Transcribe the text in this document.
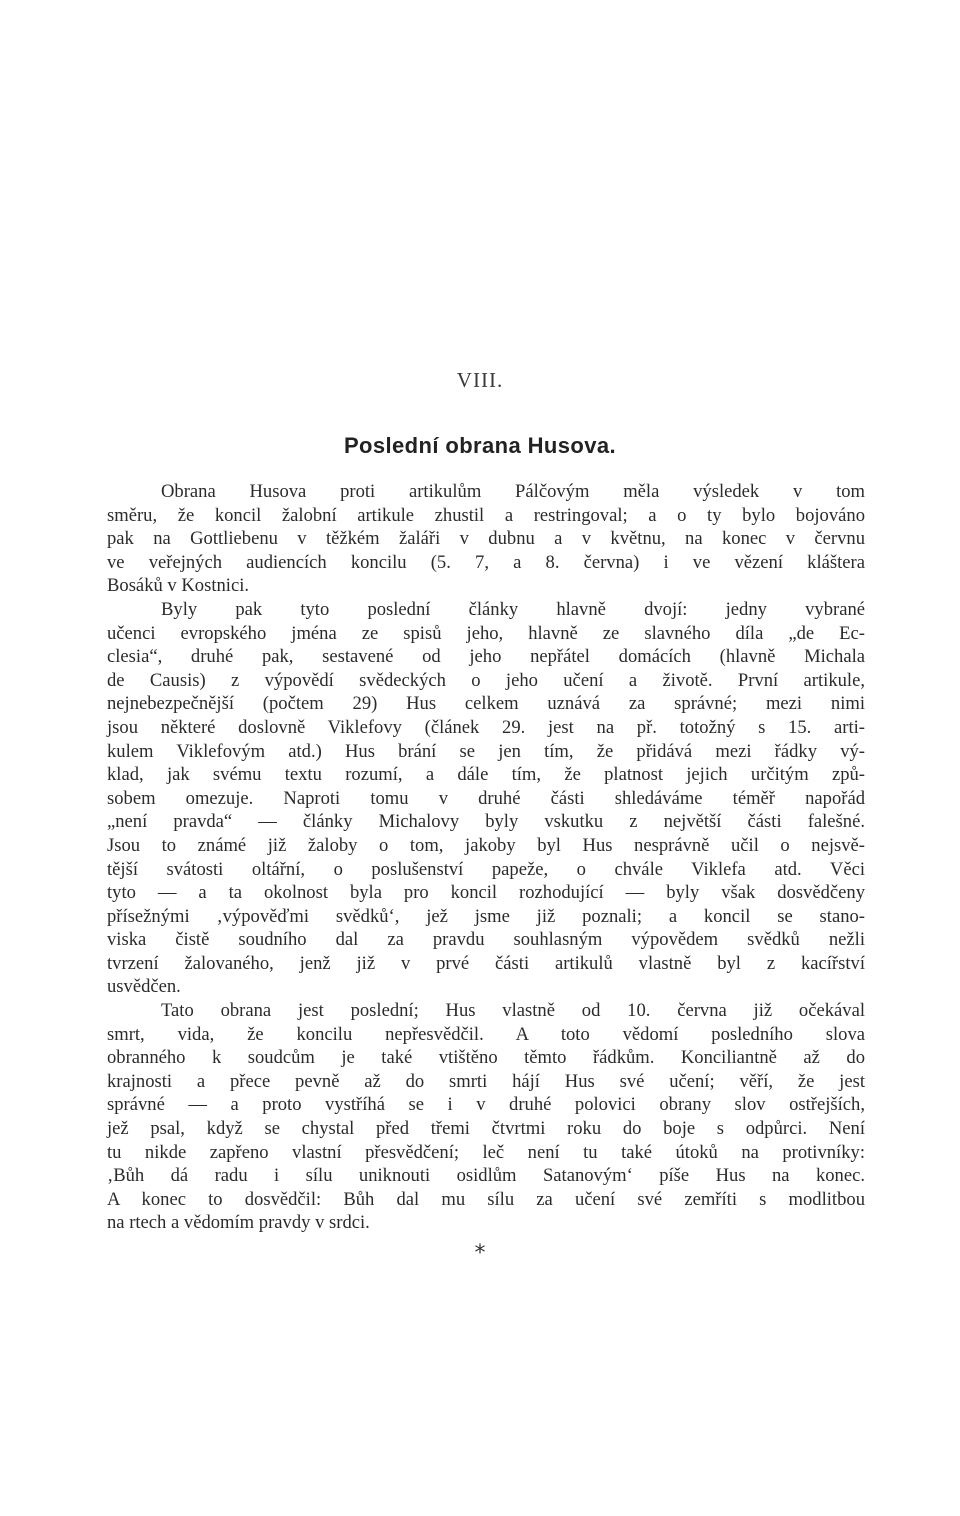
VIII.
Poslední obrana Husova.
Obrana Husova proti artikulům Pálčovým měla výsledek v tom
směru, že koncil žalobní artikule zhustil a restringoval; a o ty bylo bojováno
pak na Gottliebenu v těžkém žaláři v dubnu a v květnu, na konec v červnu
ve veřejných audiencích koncilu (5. 7, a 8. června) i ve vězení kláštera
Bosáků v Kostnici.
Byly pak tyto poslední články hlavně dvojí: jedny vybrané
učenci evropského jména ze spisů jeho, hlavně ze slavného díla „de Ec-
clesia“, druhé pak, sestavené od jeho nepřátel domácích (hlavně Michala
de Causis) z výpovědí svědeckých o jeho učení a životě. První artikule,
nejnebezpečnější (počtem 29) Hus celkem uznává za správné; mezi nimi
jsou některé doslovně Viklefovy (článek 29. jest na př. totožný s 15. arti-
kulem Viklefovým atd.) Hus brání se jen tím, že přidává mezi řádky vý-
klad, jak svému textu rozumí, a dále tím, že platnost jejich určitým způ-
sobem omezuje. Naproti tomu v druhé části shledáváme téměř napořád
„není pravda“ — články Michalovy byly vskutku z největší části falešné.
Jsou to známé již žaloby o tom, jakoby byl Hus nesprávně učil o nejsvě-
tější svátosti oltářní, o poslušenství papeže, o chvále Viklefa atd. Věci
tyto — a ta okolnost byla pro koncil rozhodující — byly však dosvědčeny
přísežnými ‚výpověďmi svědků‘, jež jsme již poznali; a koncil se stano-
viska čistě soudního dal za pravdu souhlasným výpovědem svědků nežli
tvrzení žalovaného, jenž již v prvé části artikulů vlastně byl z kacířství
usvědčen.
Tato obrana jest poslední; Hus vlastně od 10. června již očekával
smrt, vida, že koncilu nepřesvědčil. A toto vědomí posledního slova
obranného k soudcům je také vtištěno těmto řádkům. Konciliantně až do
krajnosti a přece pevně až do smrti hájí Hus své učení; věří, že jest
správné — a proto vystříhá se i v druhé polovici obrany slov ostřejších,
jež psal, když se chystal před třemi čtvrtmi roku do boje s odpůrci. Není
tu nikde zapřeno vlastní přesvědčení; leč není tu také útoků na protivníky:
‚Bůh dá radu i sílu uniknouti osidlům Satanovým‘ píše Hus na konec.
A konec to dosvědčil: Bůh dal mu sílu za učení své zemříti s modlitbou
na rtech a vědomím pravdy v srdci.
*
